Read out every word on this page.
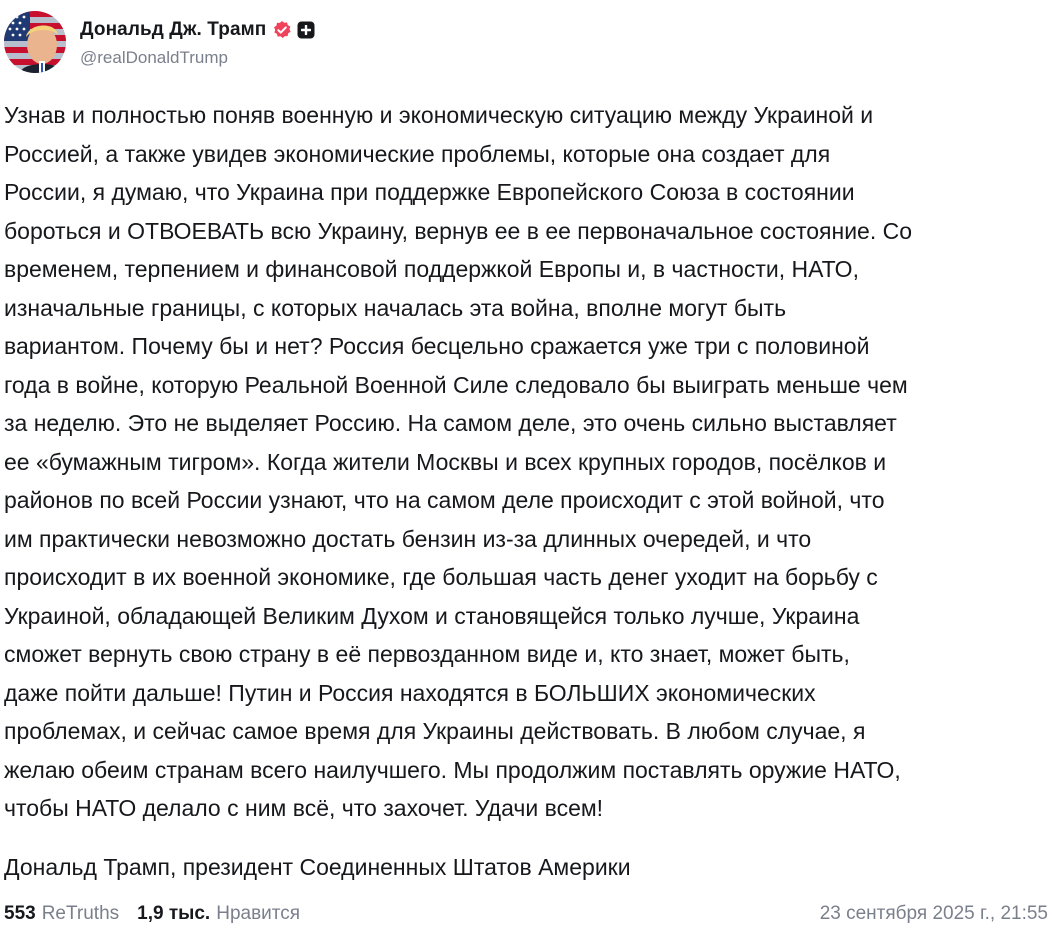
Дональд Дж. Трамп
@realDonaldTrump

Узнав и полностью поняв военную и экономическую ситуацию между Украиной и
Россией, а также увидев экономические проблемы, которые она создает для
России, я думаю, что Украина при поддержке Европейского Союза в состоянии
бороться и ОТВОЕВАТЬ всю Украину, вернув ее в ее первоначальное состояние. Со
временем, терпением и финансовой поддержкой Европы и, в частности, НАТО,
изначальные границы, с которых началась эта война, вполне могут быть
вариантом. Почему бы и нет? Россия бесцельно сражается уже три с половиной
года в войне, которую Реальной Военной Силе следовало бы выиграть меньше чем
за неделю. Это не выделяет Россию. На самом деле, это очень сильно выставляет
ее «бумажным тигром». Когда жители Москвы и всех крупных городов, посёлков и
районов по всей России узнают, что на самом деле происходит с этой войной, что
им практически невозможно достать бензин из-за длинных очередей, и что
происходит в их военной экономике, где большая часть денег уходит на борьбу с
Украиной, обладающей Великим Духом и становящейся только лучше, Украина
сможет вернуть свою страну в её первозданном виде и, кто знает, может быть,
даже пойти дальше! Путин и Россия находятся в БОЛЬШИХ экономических
проблемах, и сейчас самое время для Украины действовать. В любом случае, я
желаю обеим странам всего наилучшего. Мы продолжим поставлять оружие НАТО,
чтобы НАТО делало с ним всё, что захочет. Удачи всем!

Дональд Трамп, президент Соединенных Штатов Америки

553 ReTruths 1,9 тыс. Нравится	23 сентября 2025 г., 21:55
